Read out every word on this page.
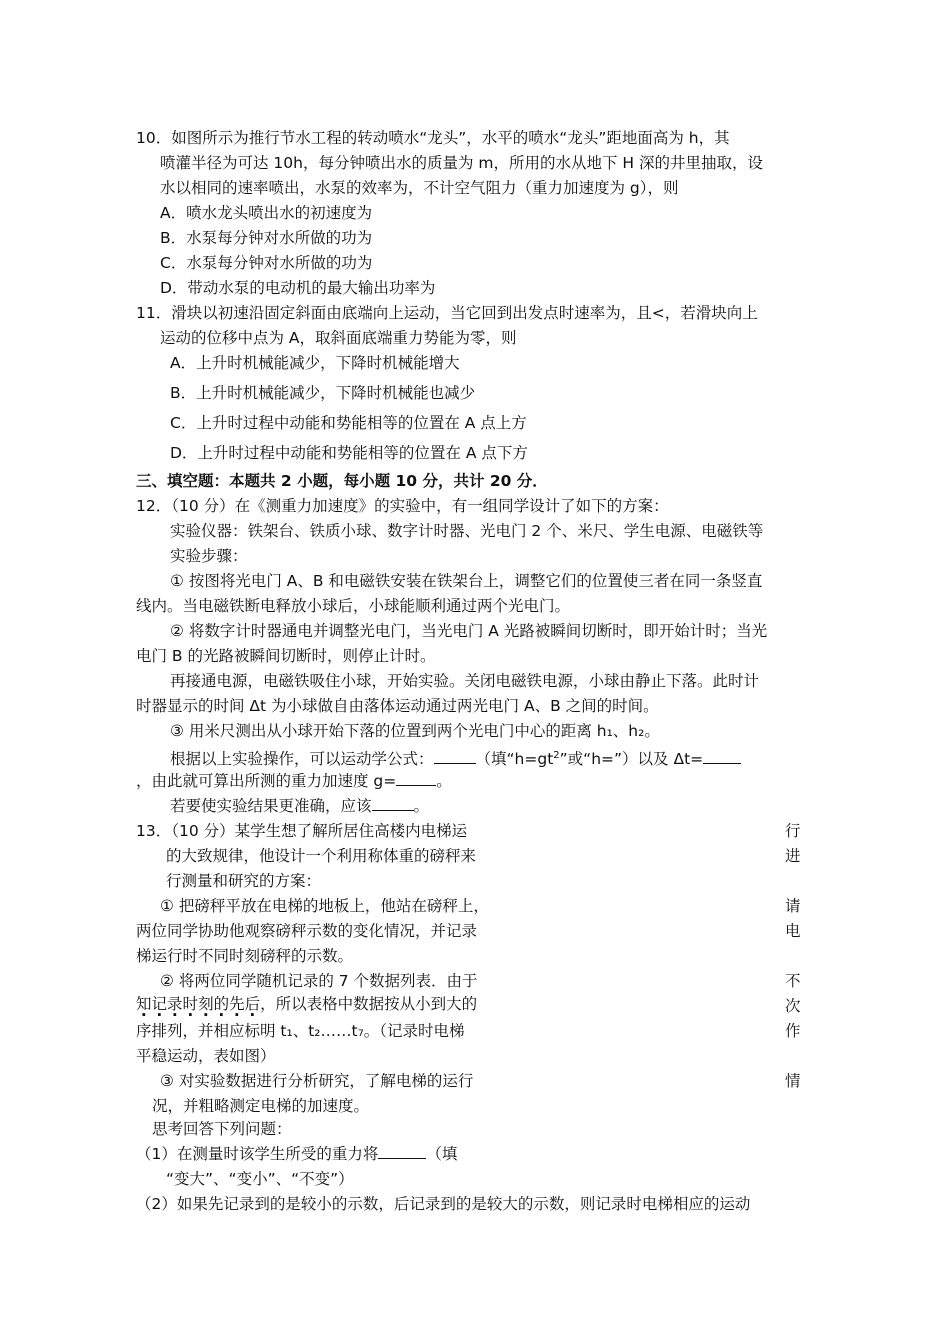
10．如图所示为推行节水工程的转动喷水“龙头”，水平的喷水“龙头”距地面高为 h，其
喷灌半径为可达 10h，每分钟喷出水的质量为 m，所用的水从地下 H 深的井里抽取，设
水以相同的速率喷出，水泵的效率为，不计空气阻力（重力加速度为 g），则
A．喷水龙头喷出水的初速度为
B．水泵每分钟对水所做的功为
C．水泵每分钟对水所做的功为
D．带动水泵的电动机的最大输出功率为
11．滑块以初速沿固定斜面由底端向上运动，当它回到出发点时速率为，且<，若滑块向上
运动的位移中点为 A，取斜面底端重力势能为零，则
A．上升时机械能减少，下降时机械能增大
B．上升时机械能减少，下降时机械能也减少
C．上升时过程中动能和势能相等的位置在 A 点上方
D．上升时过程中动能和势能相等的位置在 A 点下方
三、填空题：本题共 2 小题，每小题 10 分，共计 20 分．
12．（10 分）在《测重力加速度》的实验中，有一组同学设计了如下的方案：
实验仪器：铁架台、铁质小球、数字计时器、光电门 2 个、米尺、学生电源、电磁铁等
实验步骤：
① 按图将光电门 A、B 和电磁铁安装在铁架台上，调整它们的位置使三者在同一条竖直
线内。当电磁铁断电释放小球后，小球能顺利通过两个光电门。
② 将数字计时器通电并调整光电门，当光电门 A 光路被瞬间切断时，即开始计时；当光
电门 B 的光路被瞬间切断时，则停止计时。
再接通电源，电磁铁吸住小球，开始实验。关闭电磁铁电源，小球由静止下落。此时计
时器显示的时间 Δt 为小球做自由落体运动通过两光电门 A、B 之间的时间。
③ 用米尺测出从小球开始下落的位置到两个光电门中心的距离 h₁、h₂。
根据以上实验操作，可以运动学公式：	（填“$h=gt^2$”或“h=”）以及 Δt=
，由此就可算出所测的重力加速度 g=	。
若要使实验结果更准确，应该	。
13．（10 分）某学生想了解所居住高楼内电梯运
的大致规律，他设计一个利用称体重的磅秤来
行测量和研究的方案：
① 把磅秤平放在电梯的地板上，他站在磅秤上，
两位同学协助他观察磅秤示数的变化情况，并记录
梯运行时不同时刻磅秤的示数。
② 将两位同学随机记录的 7 个数据列表．由于
知记录时刻的先后，所以表格中数据按从小到大的
序排列，并相应标明 t₁、t₂……t₇。（记录时电梯
平稳运动，表如图）
③ 对实验数据进行分析研究，了解电梯的运行
况，并粗略测定电梯的加速度。
思考回答下列问题：
（1）在测量时该学生所受的重力将	（填
“变大”、“变小”、“不变”）
（2）如果先记录到的是较小的示数，后记录到的是较大的示数，则记录时电梯相应的运动
行
进
请
电
不
次
作
情
